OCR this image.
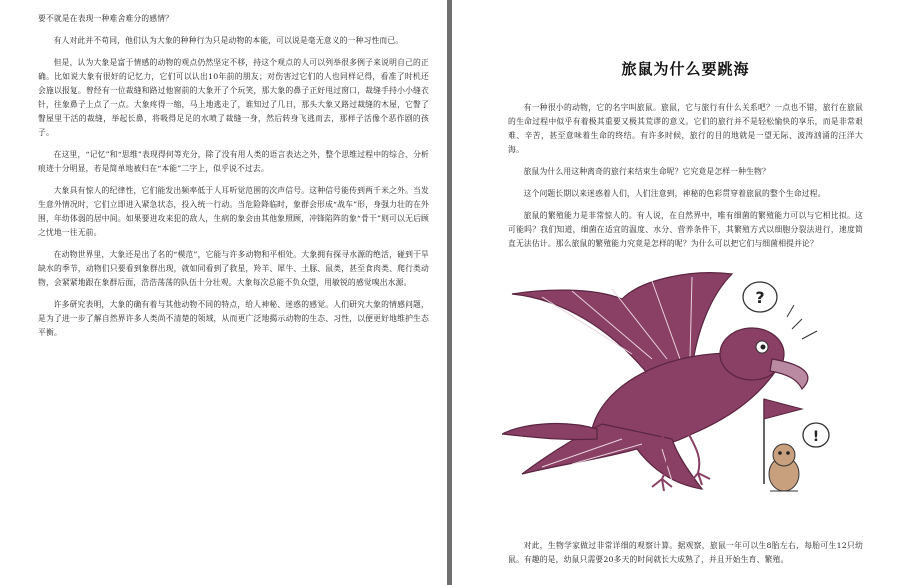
要不就是在表现一种难舍难分的感情？

有人对此并不苟同，他们认为大象的种种行为只是动物的本能，可以说是毫无意义的一种习性而已。

但是，认为大象是富于情感的动物的观点仍然坚定不移，持这个观点的人可以列举很多例子来说明自己的正确。比如说大象有很好的记忆力，它们可以认出10年前的朋友；对伤害过它们的人也同样记得，看准了时机还会施以报复。曾经有一位裁缝和路过他窗前的大象开了个玩笑，那大象的鼻子正好甩过窗口，裁缝手持小小缝衣针，往象鼻子上点了一点。大象疼得一缩，马上地逃走了，谁知过了几日，那头大象又路过裁缝的木屋，它瞥了瞥屋里干活的裁缝，举起长鼻，将吸得足足的水喷了裁缝一身，然后转身飞逃而去，那样子活像个恶作剧的孩子。

在这里，“记忆”和“思维”表现得何等充分，除了没有用人类的语言表达之外，整个思维过程中的综合、分析痕迹十分明显，若是简单地被归在“本能”二字上，似乎说不过去。

大象具有惊人的纪律性，它们能发出频率低于人耳听觉范围的次声信号。这种信号能传到两千米之外。当发生意外情况时，它们立即进入紧急状态，投入统一行动。当危险降临时，象群会形成“战车”形，身强力壮的在外围，年幼体弱的居中间。如果要进攻来犯的敌人，生病的象会由其他象照顾，冲锋陷阵的象“骨干”则可以无后顾之忧地一往无前。

在动物世界里，大象还是出了名的“模范”，它能与许多动物和平相处。大象拥有探寻水源的绝活，碰到干旱缺水的季节，动物们只要看到象群出现，就如同看到了救星，羚羊、犀牛、土豚、鼠类，甚至食肉类、爬行类动物，会紧紧地跟在象群后面，浩浩荡荡的队伍十分壮观。大象每次总能不负众望，用敏锐的感觉嗅出水源。

许多研究表明，大象的确有着与其他动物不同的特点，给人神秘、迷惑的感觉。人们研究大象的情感问题，是为了进一步了解自然界许多人类尚不清楚的领域，从而更广泛地揭示动物的生态、习性，以便更好地维护生态平衡。

旅鼠为什么要跳海

有一种很小的动物，它的名字叫旅鼠。旅鼠，它与旅行有什么关系吧？一点也不错，旅行在旅鼠的生命过程中似乎有着极其重要又极其荒谬的意义。它们的旅行并不是轻松愉快的享乐，而是非常艰难、辛苦，甚至意味着生命的终结。有许多时候，旅行的目的地就是一望无际、波涛汹涌的汪洋大海。

旅鼠为什么用这种离奇的旅行来结束生命呢？它究竟是怎样一种生物？

这个问题长期以来迷惑着人们，人们注意到，神秘的色彩贯穿着旅鼠的整个生命过程。

旅鼠的繁殖能力是非常惊人的。有人说，在自然界中，唯有细菌的繁殖能力可以与它相比拟。这可能吗？我们知道，细菌在适宜的温度、水分、营养条件下，其繁殖方式以细胞分裂法进行，速度简直无法估计。那么旅鼠的繁殖能力究竟是怎样的呢？为什么可以把它们与细菌相提并论？

?
!

对此，生物学家做过非常详细的观察计算。据观察，旅鼠一年可以生8胎左右，每胎可生12只幼鼠。有趣的是，幼鼠只需要20多天的时间就长大成熟了，并且开始生育、繁殖。
